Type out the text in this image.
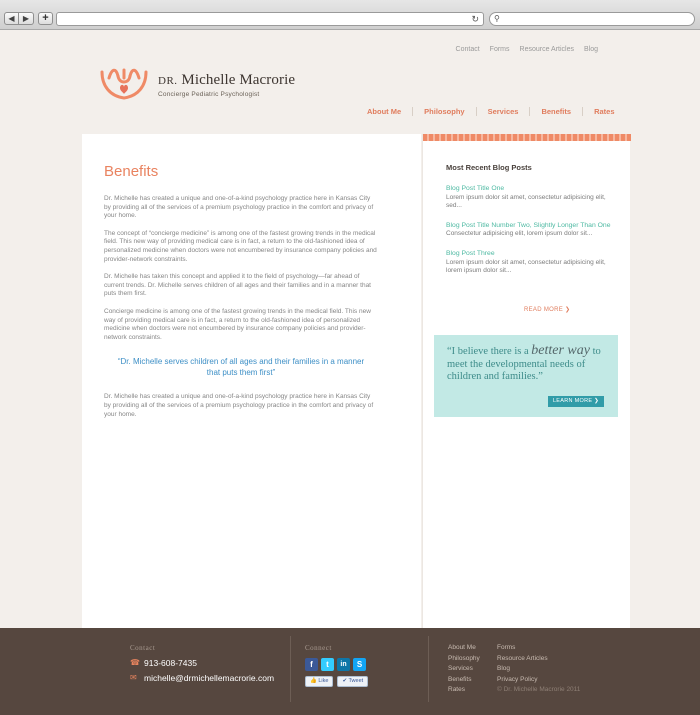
◀	▶	+	↻ ⚲
Contact Forms Resource Articles Blog
DR. Michelle Macrorie
Concierge Pediatric Psychologist
About Me	Philosophy	Services	Benefits	Rates
Benefits

Dr. Michelle has created a unique and one-of-a-kind psychology practice here in Kansas City by providing all of the services of a premium psychology practice in the comfort and privacy of your home.

The concept of “concierge medicine” is among one of the fastest growing trends in the medical field. This new way of providing medical care is in fact, a return to the old-fashioned idea of personalized medicine when doctors were not encumbered by insurance company policies and provider-network constraints.

Dr. Michelle has taken this concept and applied it to the field of psychology—far ahead of current trends. Dr. Michelle serves children of all ages and their families and in a manner that puts them first.

Concierge medicine is among one of the fastest growing trends in the medical field. This new way of providing medical care is in fact, a return to the old-fashioned idea of personalized medicine when doctors were not encumbered by insurance company policies and provider-network constraints.

“Dr. Michelle serves children of all ages and their families in a manner that puts them first”

Dr. Michelle has created a unique and one-of-a-kind psychology practice here in Kansas City by providing all of the services of a premium psychology practice in the comfort and privacy of your home.

Most Recent Blog Posts
Blog Post Title One
Lorem ipsum dolor sit amet, consectetur adipisicing elit, sed...
Blog Post Title Number Two, Slightly Longer Than One
Consectetur adipisicing elit, lorem ipsum dolor sit...
Blog Post Three
Lorem ipsum dolor sit amet, consectetur adipisicing elit, lorem ipsum dolor sit...
READ MORE ❯
“I believe there is a better way to meet the developmental needs of children and families.”
LEARN MORE ❯
Contact
☎ 913-608-7435
✉ michelle@drmichellemacrorie.com
Connect
f	t	in	S
👍 Like	✔ Tweet
About Me
Philosophy
Services
Benefits
Rates
Forms
Resource Articles
Blog
Privacy Policy
© Dr. Michelle Macrorie 2011
